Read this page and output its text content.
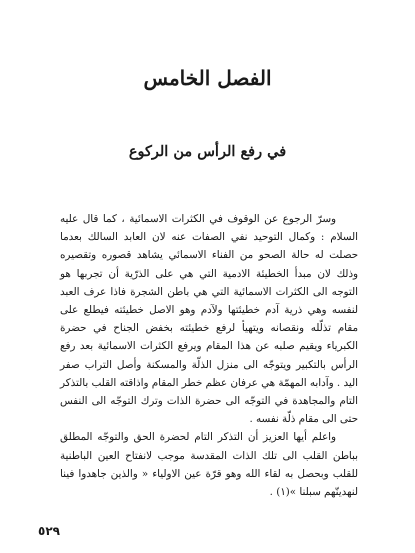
الفصل الخامس
في رفع الرأس من الركوع

وسرّ الرجوع عن الوقوف في الكثرات الاسمائية ، كما قال عليه السلام : وكمال التوحيد نفي الصفات عنه لان العابد السالك بعدما حصلت له حالة الصحو من الفناء الاسمائي يشاهد قصوره وتقصيره وذلك لان مبدأ الخطيئة الادمية التي هي على الذرّية أن تجربها هو التوجه الى الكثرات الاسمائية التي هي باطن الشجرة فاذا عرف العبد لنفسه وهي ذرية آدم خطيئتها ولآدم وهو الاصل خطيئته فيطلع على مقام تذلّله ونقصانه ويتهيأ لرفع خطيئته بخفض الجناح في حضرة الكبرياء ويقيم صلبه عن هذا المقام ويرفع الكثرات الاسمائية بعد رفع الرأس بالتكبير ويتوجّه الى منزل الذلّة والمسكنة وأصل التراب صفر اليد . وآدابه المهمّة هي عرفان عظم خطر المقام واذاقته القلب بالتذكر التام والمجاهدة في التوجّه الى حضرة الذات وترك التوجّه الى النفس حتى الى مقام ذلّة نفسه .

واعلم أيها العزيز أن التذكر التام لحضرة الحق والتوجّه المطلق بباطن القلب الى تلك الذات المقدسة موجب لانفتاح العين الباطنية للقلب وبحصل به لقاء الله وهو قرّة عين الاولياء « والذين جاهدوا فينا لنهدينّهم سبلنا »(١) .

٥٢٩
